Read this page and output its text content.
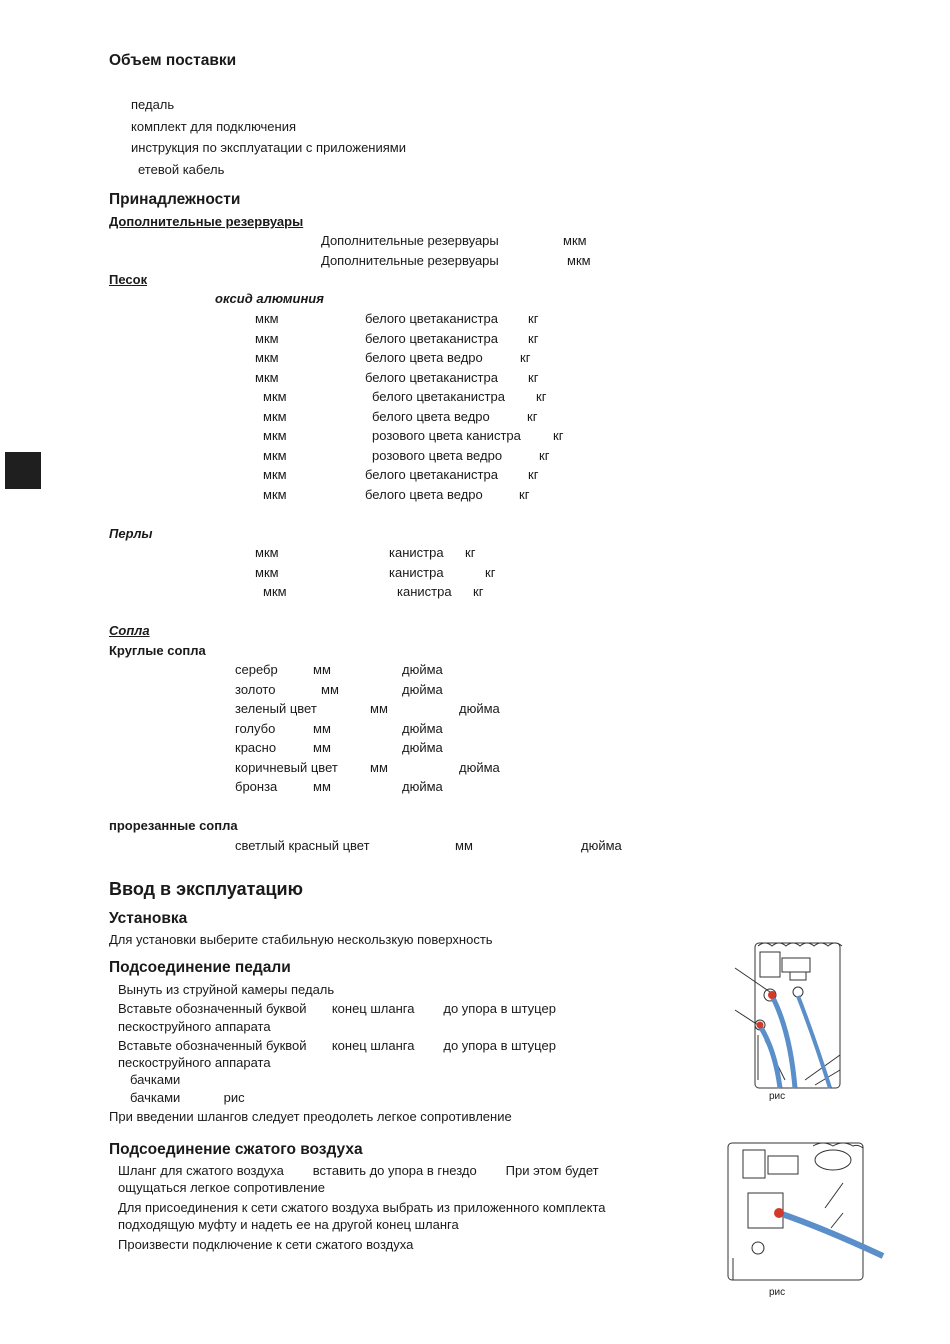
Объем поставки
педаль
комплект для подключения
инструкция по эксплуатации с приложениями
етевой кабель
Принадлежности
Дополнительные резервуары
Дополнительные резервуары	мкм
Дополнительные резервуары	мкм
Песок
оксид алюминия
мкм	белого цветаканистра кг
мкм	белого цветаканистра кг
мкм	белого цвета ведро	кг
мкм	белого цветаканистра кг
мкм	белого цветаканистра кг
мкм	белого цвета ведро	кг
мкм	розового цвета канистра кг
мкм	розового цвета ведро	кг
мкм	белого цветаканистра кг
мкм	белого цвета ведро	кг
Перлы
мкм	канистра кг
мкм	канистра	кг
мкм	канистра кг
Сопла
Круглые сопла
серебр	мм	дюйма
золото	мм	дюйма
зеленый цвет	мм	дюйма
голубо	мм	дюйма
красно	мм	дюйма
коричневый цвет мм	дюйма
бронза	мм	дюйма
прорезанные сопла
светлый красный цвет	мм	дюйма
Ввод в эксплуатацию
Установка
Для установки выберите стабильную нескользкую поверхность
Подсоединение педали
Вынуть из струйной камеры педаль
Вставьте обозначенный буквой       конец шланга        до упора в штуцер
пескоструйного аппарата
Вставьте обозначенный буквой       конец шланга        до упора в штуцер
пескоструйного аппарата
бачками
бачками            рис
При введении шлангов следует преодолеть легкое сопротивление
Подсоединение сжатого воздуха
Шланг для сжатого воздуха        вставить до упора в гнездо        При этом будет
ощущаться легкое сопротивление
Для присоединения к сети сжатого воздуха выбрать из приложенного комплекта
подходящую муфту и надеть ее на другой конец шланга
Произвести подключение к сети сжатого воздуха
рис
рис
